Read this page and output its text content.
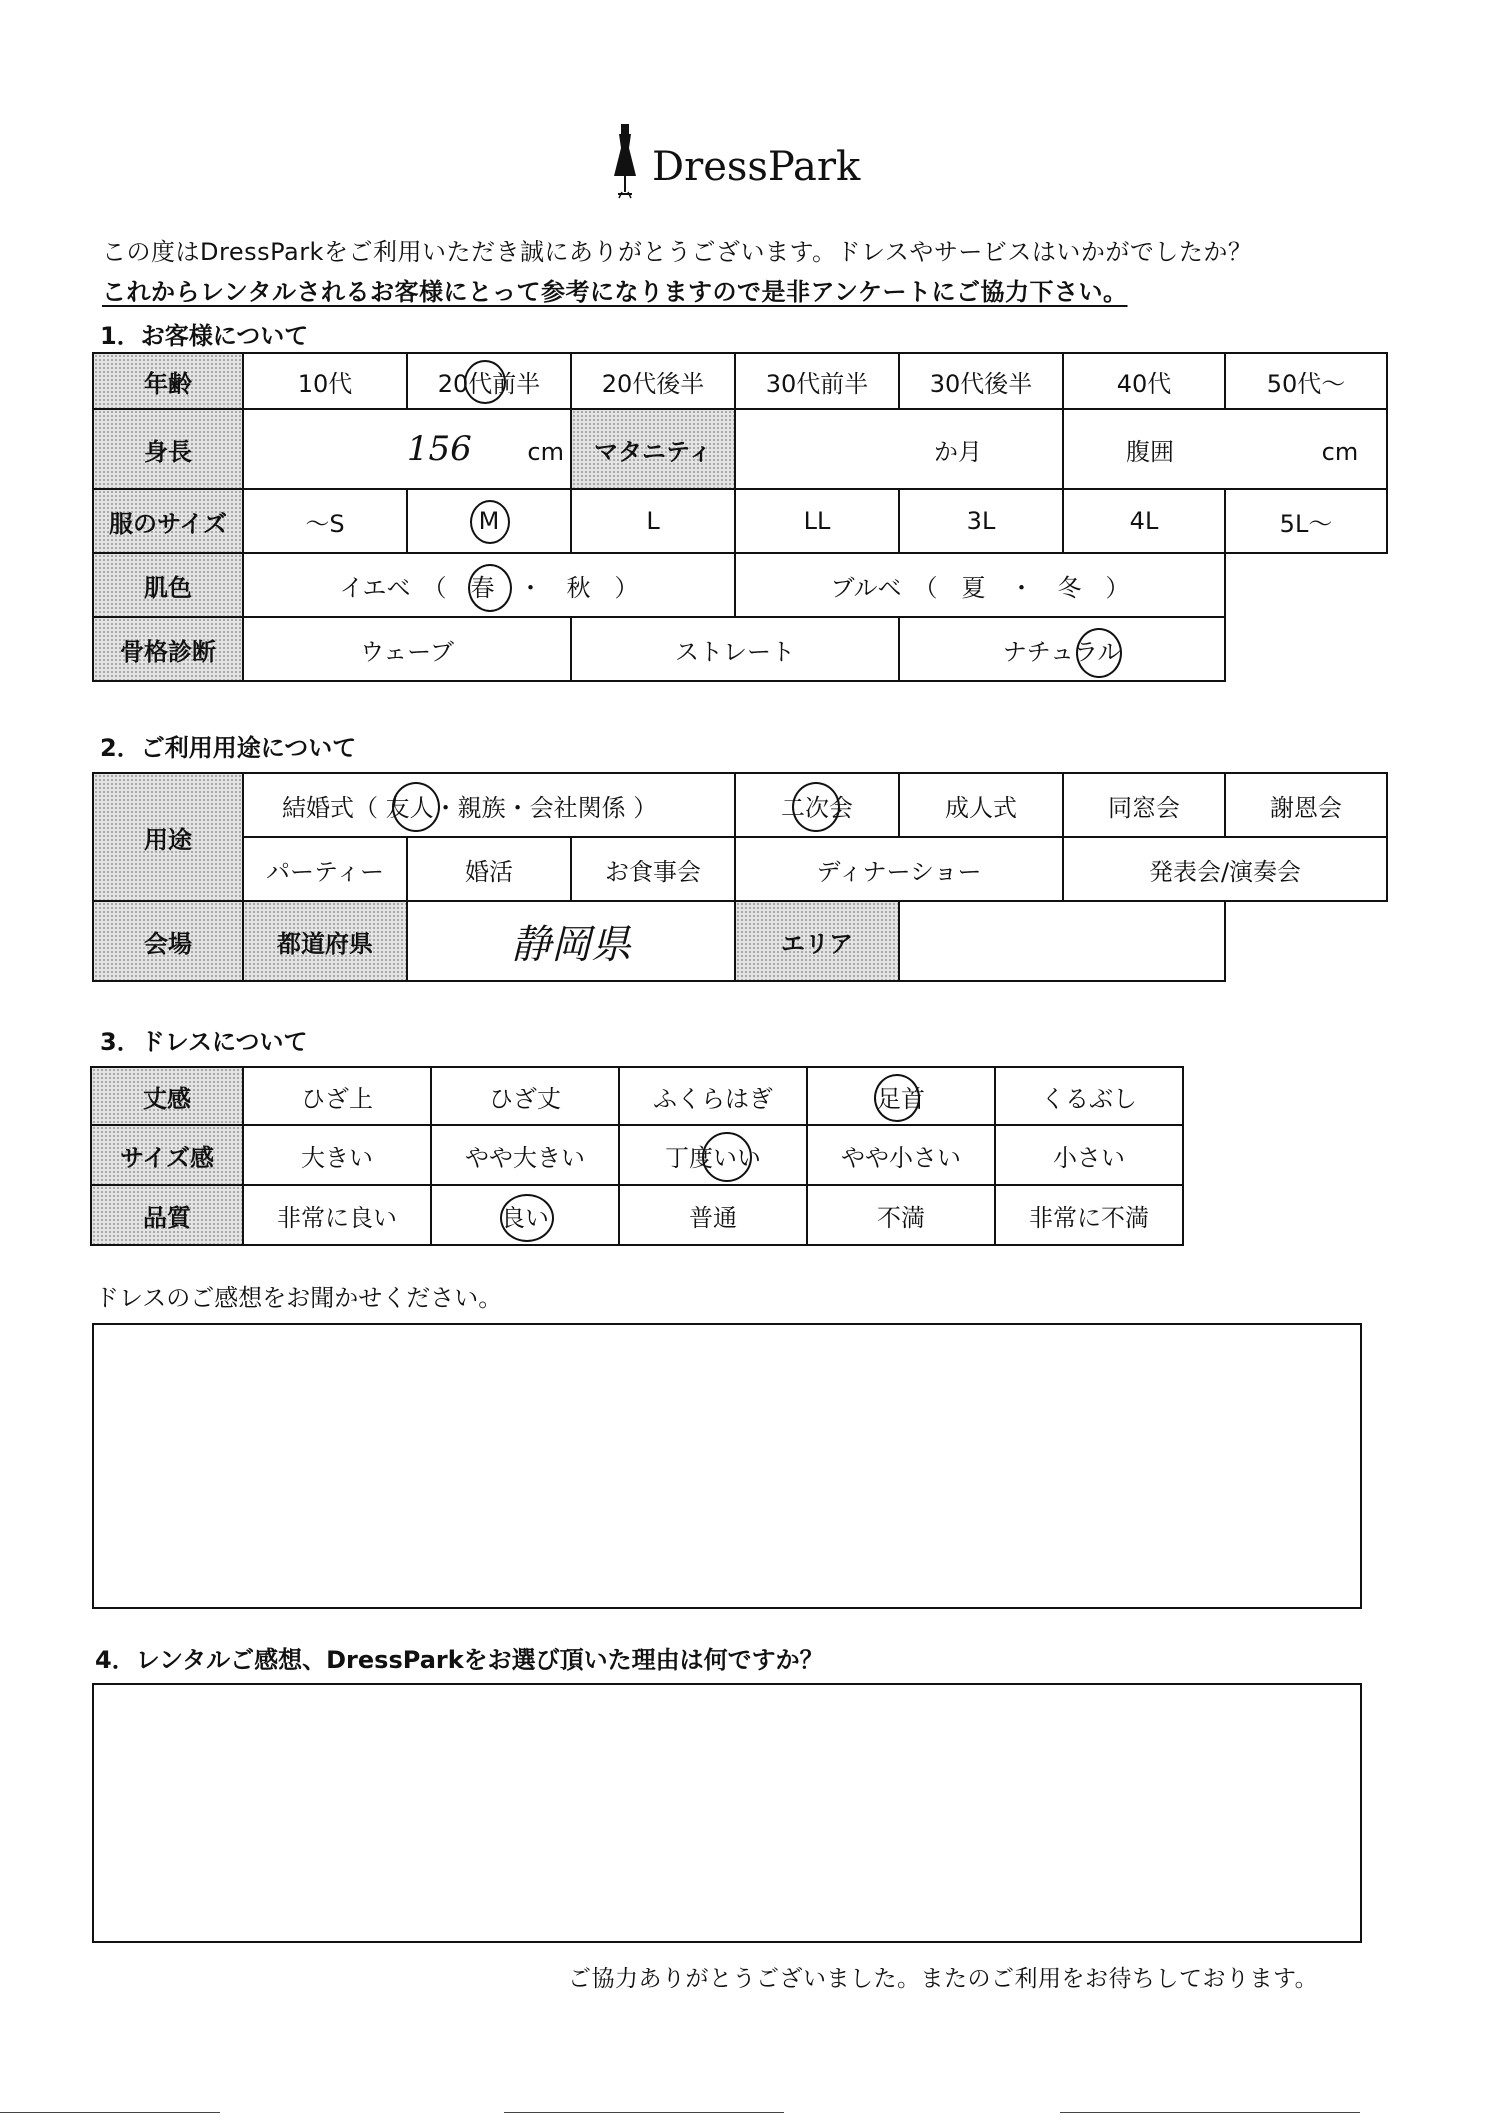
DressPark
この度はDressParkをご利用いただき誠にありがとうございます。ドレスやサービスはいかがでしたか？
これからレンタルされるお客様にとって参考になりますので是非アンケートにご協力下さい。
1．お客様について
年齢	10代	20代前半	20代後半	30代前半	30代後半	40代	50代～
身長	156 cm		マタニティ	か月		腹囲 cm	
服のサイズ	～S	M	L	LL	3L	4L	5L～
肌色	イエベ　（　春　・　秋　）			ブルベ　（　夏　・　冬　）			
骨格診断	ウェーブ		ストレート		ナチュラル	

2．ご利用用途について
用途	結婚式（ 友人・親族・会社関係 ）			二次会	成人式	同窓会	謝恩会
	パーティー	婚活	お食事会	ディナーショー		発表会/演奏会	
会場	都道府県	静岡県		エリア			
3．ドレスについて
丈感	ひざ上	ひざ丈	ふくらはぎ	足首	くるぶし
サイズ感	大きい	やや大きい	丁度いい	やや小さい	小さい
品質	非常に良い	良い	普通	不満	非常に不満
ドレスのご感想をお聞かせください。
4．レンタルご感想、DressParkをお選び頂いた理由は何ですか？
ご協力ありがとうございました。またのご利用をお待ちしております。
